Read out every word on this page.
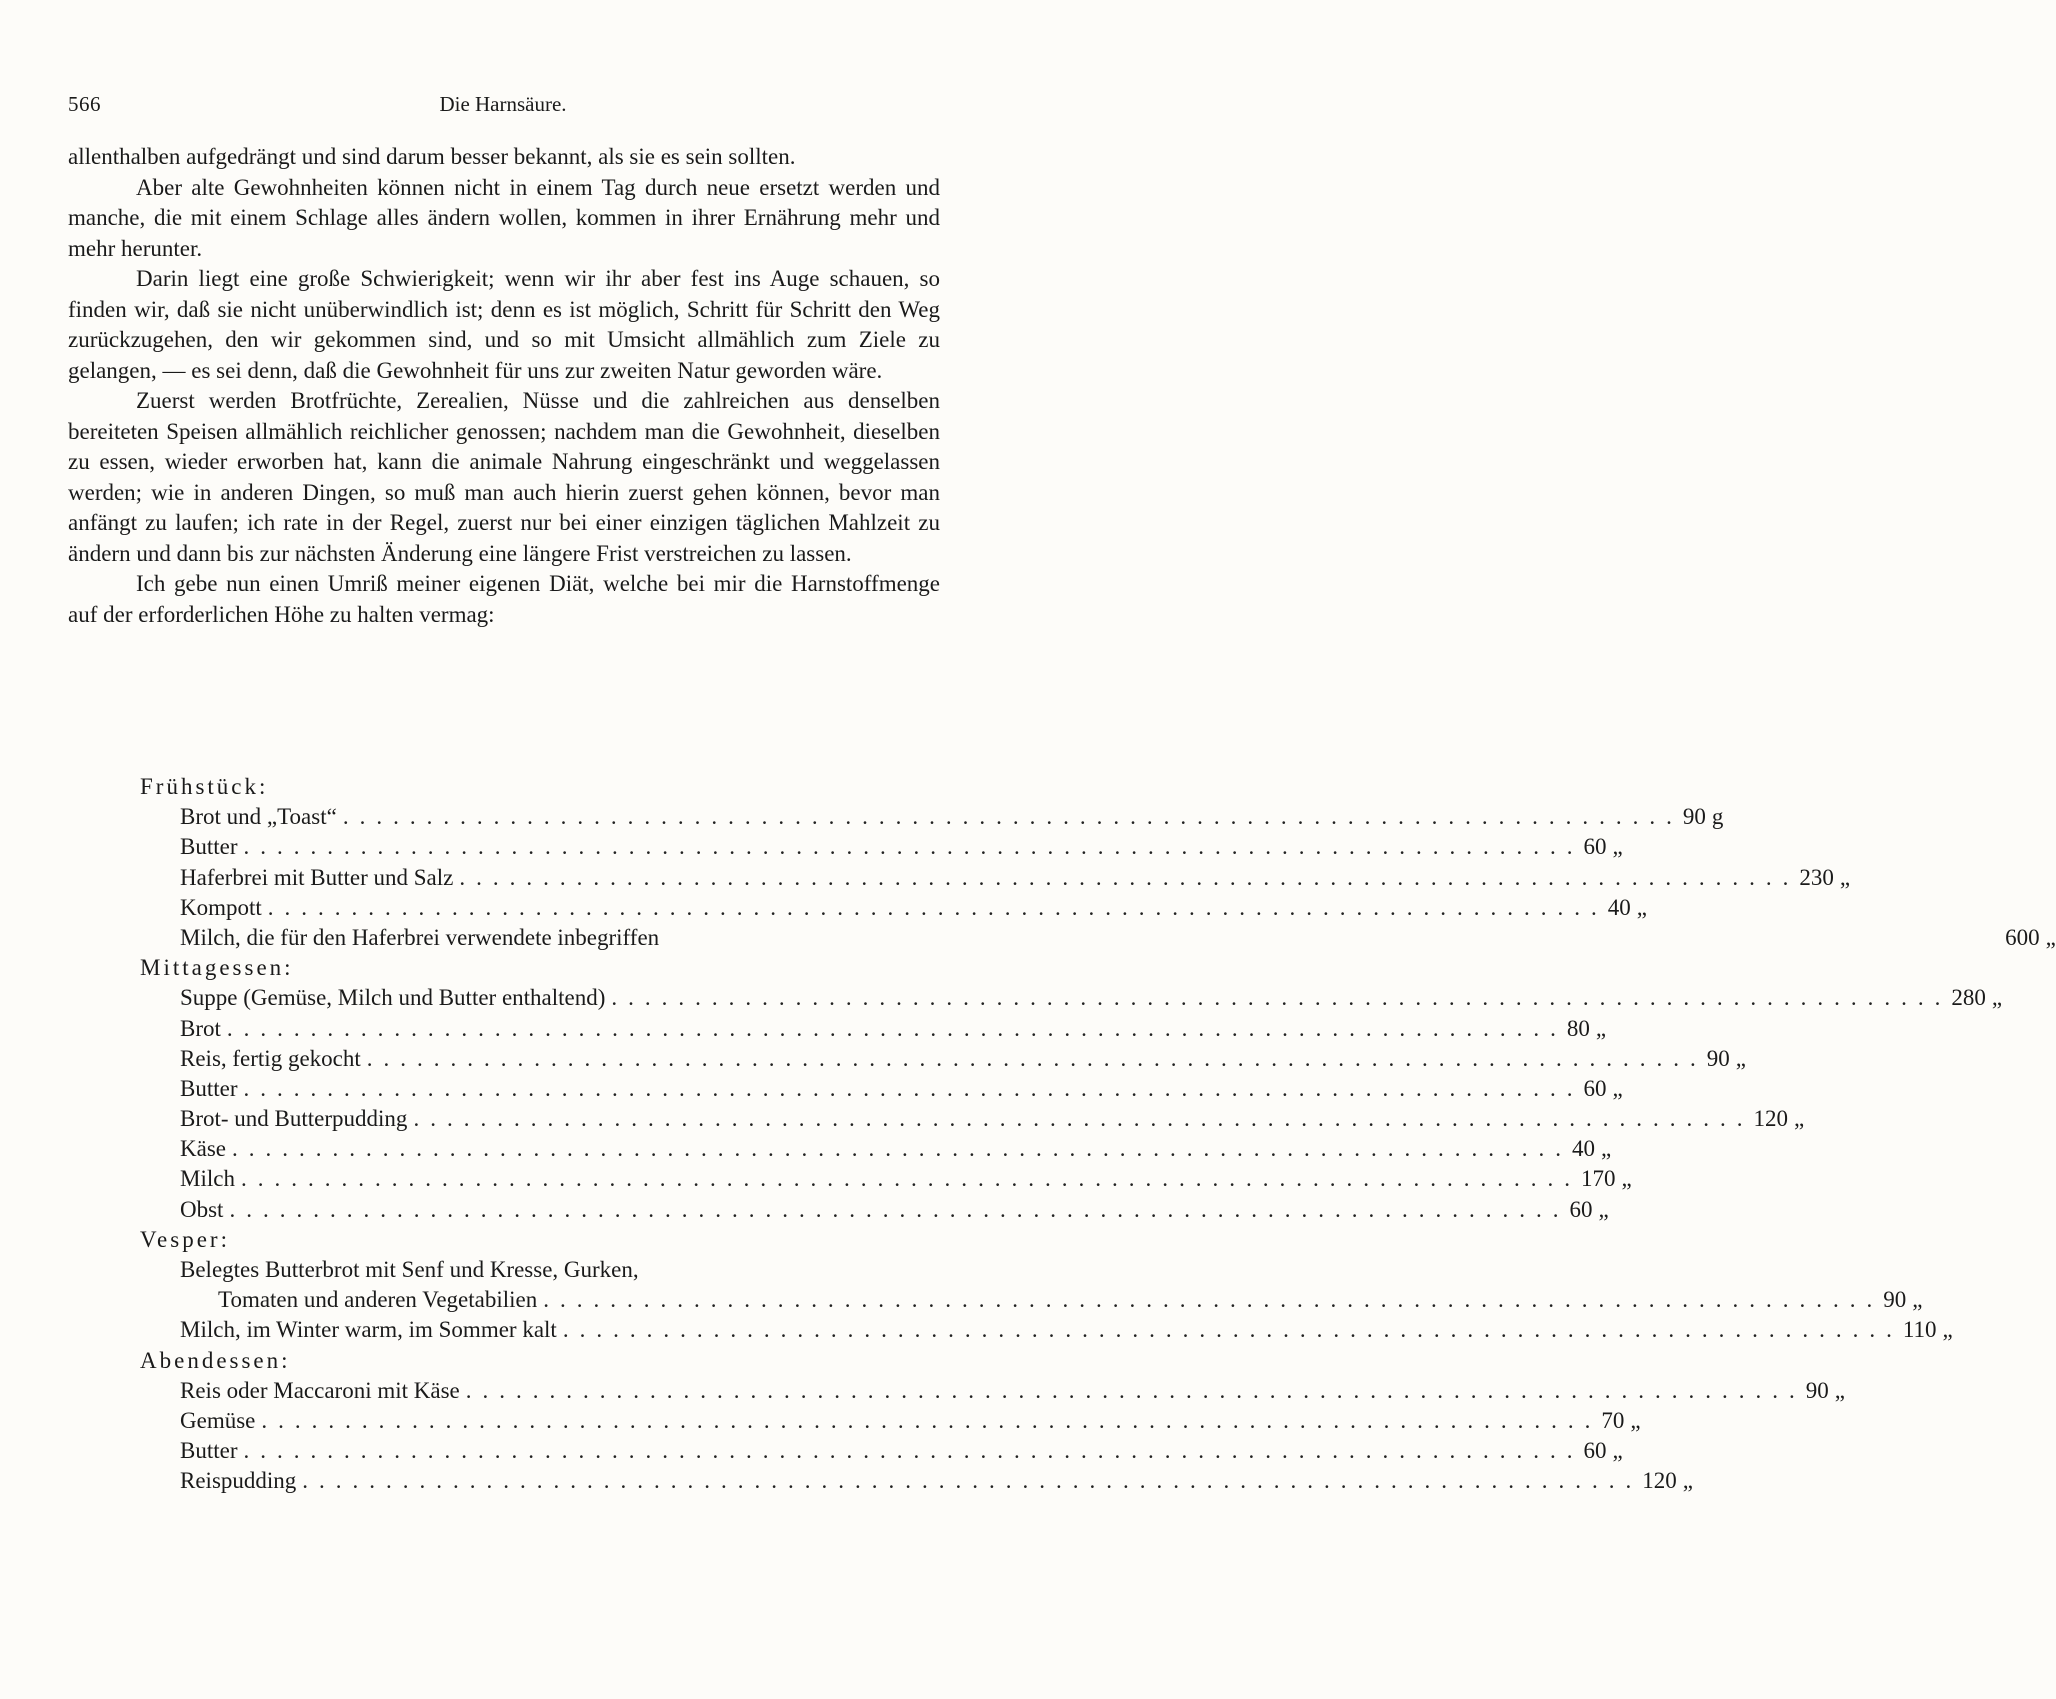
566	Die Harnsäure.

allenthalben aufgedrängt und sind darum besser bekannt, als sie es sein sollten.

Aber alte Gewohnheiten können nicht in einem Tag durch neue ersetzt werden und manche, die mit einem Schlage alles ändern wollen, kommen in ihrer Ernährung mehr und mehr herunter.

Darin liegt eine große Schwierigkeit; wenn wir ihr aber fest ins Auge schauen, so finden wir, daß sie nicht unüberwindlich ist; denn es ist möglich, Schritt für Schritt den Weg zurückzugehen, den wir gekommen sind, und so mit Umsicht allmählich zum Ziele zu gelangen, — es sei denn, daß die Gewohnheit für uns zur zweiten Natur geworden wäre.

Zuerst werden Brotfrüchte, Zerealien, Nüsse und die zahlreichen aus denselben bereiteten Speisen allmählich reichlicher genossen; nachdem man die Gewohnheit, dieselben zu essen, wieder erworben hat, kann die animale Nahrung eingeschränkt und weggelassen werden; wie in anderen Dingen, so muß man auch hierin zuerst gehen können, bevor man anfängt zu laufen; ich rate in der Regel, zuerst nur bei einer einzigen täglichen Mahlzeit zu ändern und dann bis zur nächsten Änderung eine längere Frist verstreichen zu lassen.

Ich gebe nun einen Umriß meiner eigenen Diät, welche bei mir die Harnstoffmenge auf der erforderlichen Höhe zu halten vermag:

Frühstück:
Brot und „Toast“ ................................................................................ 90 g
Butter ................................................................................ 60 „
Haferbrei mit Butter und Salz ................................................................................ 230 „
Kompott ................................................................................ 40 „
Milch, die für den Haferbrei verwendete inbegriffen	600 „
Mittagessen:
Suppe (Gemüse, Milch und Butter enthaltend) ................................................................................ 280 „
Brot ................................................................................ 80 „
Reis, fertig gekocht ................................................................................ 90 „
Butter ................................................................................ 60 „
Brot- und Butterpudding ................................................................................ 120 „
Käse ................................................................................ 40 „
Milch ................................................................................ 170 „
Obst ................................................................................ 60 „
Vesper:
Belegtes Butterbrot mit Senf und Kresse, Gurken,
Tomaten und anderen Vegetabilien ................................................................................ 90 „
Milch, im Winter warm, im Sommer kalt ................................................................................ 110 „
Abendessen:
Reis oder Maccaroni mit Käse ................................................................................ 90 „
Gemüse ................................................................................ 70 „
Butter ................................................................................ 60 „
Reispudding ................................................................................ 120 „
